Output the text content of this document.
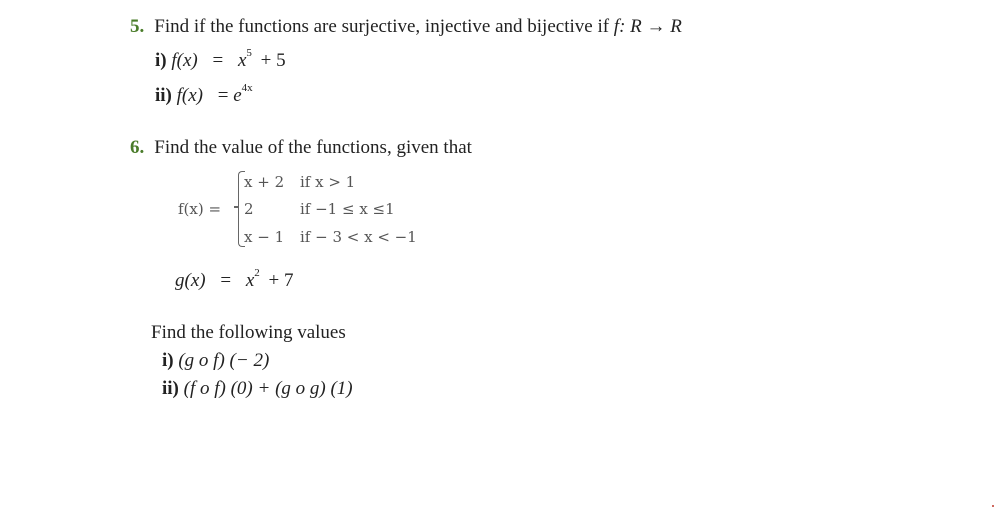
5. Find if the functions are surjective, injective and bijective if f: R → R
i) $f(x) = x^5 + 5$
ii) $f(x) = e^{4x}$
6. Find the value of the functions, given that
f(x) =
x + 2 if x > 1
2	if −1 ≤ x ≤1
x − 1 if − 3 < x < −1
$g(x) = x^2 + 7$
Find the following values
i) (g o f) (− 2)
ii) (f o f) (0) + (g o g) (1)
